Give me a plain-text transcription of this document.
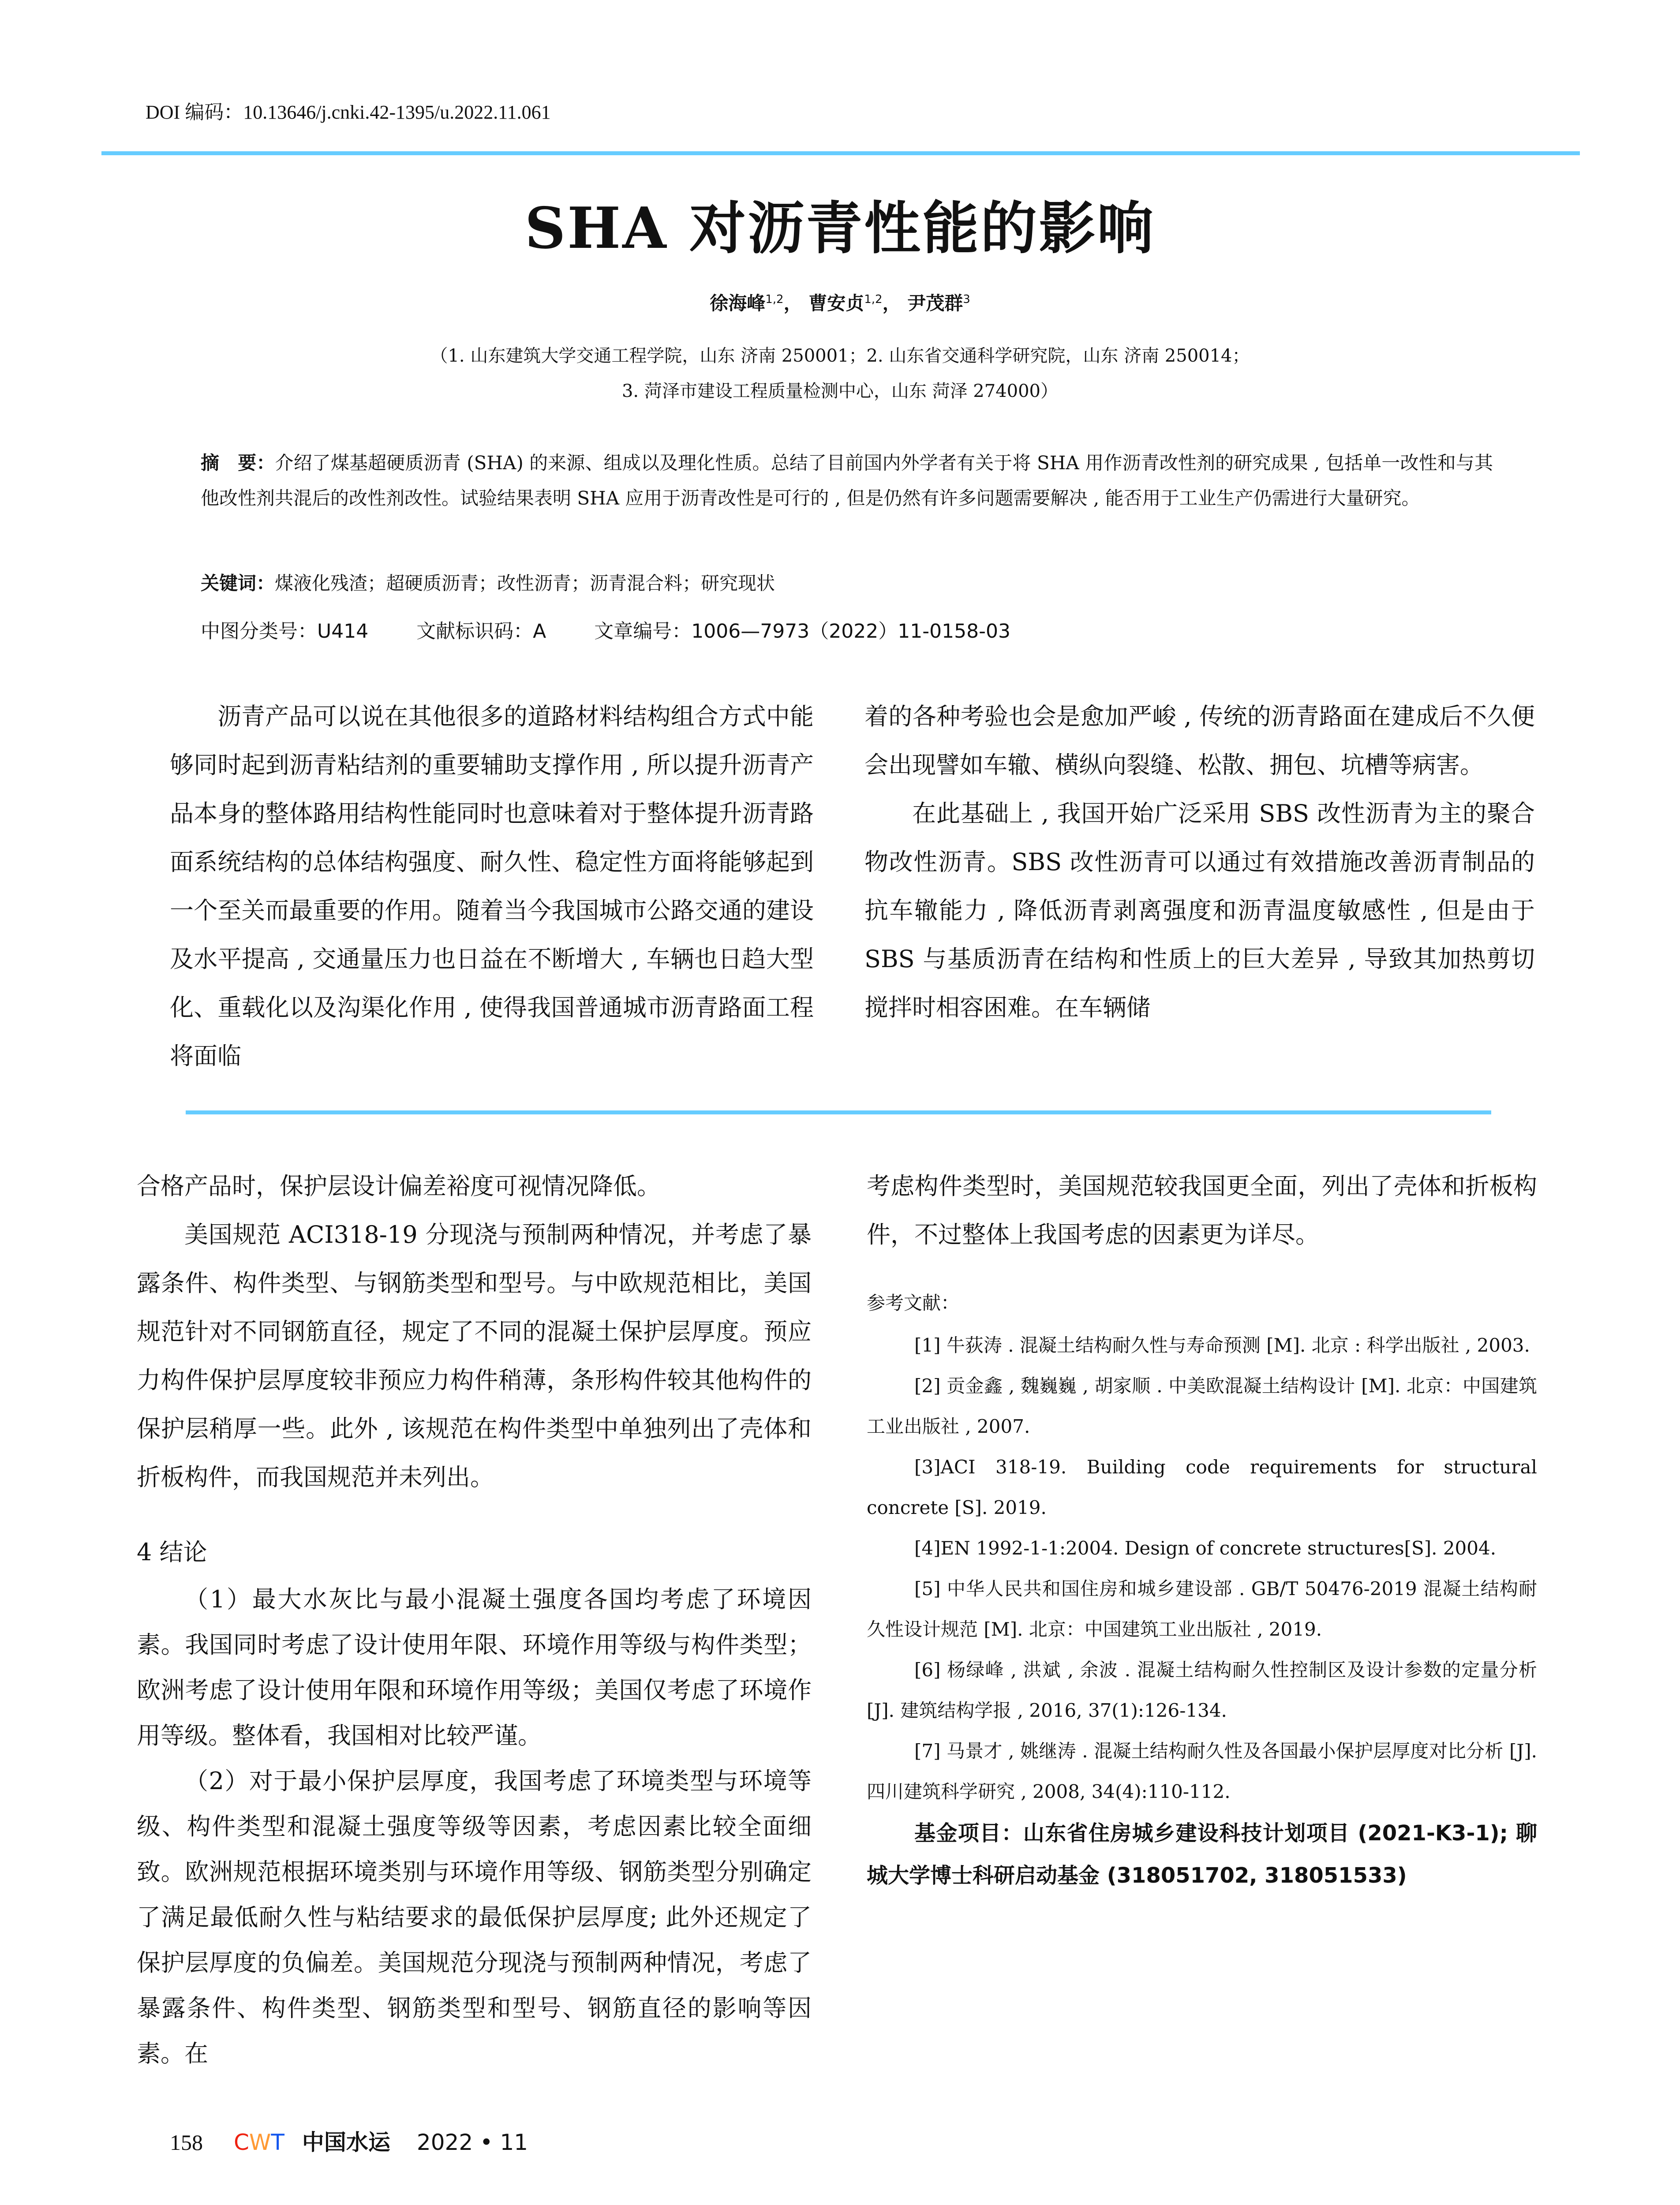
DOI 编码：10.13646/j.cnki.42-1395/u.2022.11.061
SHA 对沥青性能的影响
徐海峰$^{1,2}$， 曹安贞$^{1,2}$， 尹茂群$^3$
（1. 山东建筑大学交通工程学院，山东 济南 250001；2. 山东省交通科学研究院，山东 济南 250014；
3. 菏泽市建设工程质量检测中心，山东 菏泽 274000）
摘　要：介绍了煤基超硬质沥青 (SHA) 的来源、组成以及理化性质。总结了目前国内外学者有关于将 SHA 用作沥青改性剂的研究成果 , 包括单一改性和与其他改性剂共混后的改性剂改性。试验结果表明 SHA 应用于沥青改性是可行的 , 但是仍然有许多问题需要解决 , 能否用于工业生产仍需进行大量研究。
关键词：煤液化残渣；超硬质沥青；改性沥青；沥青混合料；研究现状
中图分类号：U414 文献标识码：A 文章编号：1006—7973（2022）11-0158-03

沥青产品可以说在其他很多的道路材料结构组合方式中能够同时起到沥青粘结剂的重要辅助支撑作用 , 所以提升沥青产品本身的整体路用结构性能同时也意味着对于整体提升沥青路面系统结构的总体结构强度、耐久性、稳定性方面将能够起到一个至关而最重要的作用。随着当今我国城市公路交通的建设及水平提高 , 交通量压力也日益在不断增大 , 车辆也日趋大型化、重载化以及沟渠化作用 , 使得我国普通城市沥青路面工程将面临

着的各种考验也会是愈加严峻 , 传统的沥青路面在建成后不久便会出现譬如车辙、横纵向裂缝、松散、拥包、坑槽等病害。

在此基础上 , 我国开始广泛采用 SBS 改性沥青为主的聚合物改性沥青。SBS 改性沥青可以通过有效措施改善沥青制品的抗车辙能力 , 降低沥青剥离强度和沥青温度敏感性 , 但是由于 SBS 与基质沥青在结构和性质上的巨大差异 , 导致其加热剪切搅拌时相容困难。在车辆储

合格产品时，保护层设计偏差裕度可视情况降低。

美国规范 ACI318-19 分现浇与预制两种情况，并考虑了暴露条件、构件类型、与钢筋类型和型号。与中欧规范相比，美国规范针对不同钢筋直径，规定了不同的混凝土保护层厚度。预应力构件保护层厚度较非预应力构件稍薄，条形构件较其他构件的保护层稍厚一些。此外 , 该规范在构件类型中单独列出了壳体和折板构件，而我国规范并未列出。

4 结论

（1）最大水灰比与最小混凝土强度各国均考虑了环境因素。我国同时考虑了设计使用年限、环境作用等级与构件类型；欧洲考虑了设计使用年限和环境作用等级；美国仅考虑了环境作用等级。整体看，我国相对比较严谨。

（2）对于最小保护层厚度，我国考虑了环境类型与环境等级、构件类型和混凝土强度等级等因素，考虑因素比较全面细致。欧洲规范根据环境类别与环境作用等级、钢筋类型分别确定了满足最低耐久性与粘结要求的最低保护层厚度; 此外还规定了保护层厚度的负偏差。美国规范分现浇与预制两种情况，考虑了暴露条件、构件类型、钢筋类型和型号、钢筋直径的影响等因素。在

考虑构件类型时，美国规范较我国更全面，列出了壳体和折板构件，不过整体上我国考虑的因素更为详尽。

参考文献：

[1] 牛荻涛 . 混凝土结构耐久性与寿命预测 [M]. 北京 : 科学出版社 , 2003.

[2] 贡金鑫 , 魏巍巍 , 胡家顺 . 中美欧混凝土结构设计 [M]. 北京：中国建筑工业出版社 , 2007.

[3]ACI 318-19. Building code requirements for structural concrete [S]. 2019.

[4]EN 1992-1-1:2004. Design of concrete structures[S]. 2004.

[5] 中华人民共和国住房和城乡建设部 . GB/T 50476-2019 混凝土结构耐久性设计规范 [M]. 北京：中国建筑工业出版社 , 2019.

[6] 杨绿峰 , 洪斌 , 余波 . 混凝土结构耐久性控制区及设计参数的定量分析 [J]. 建筑结构学报 , 2016, 37(1):126-134.

[7] 马景才 , 姚继涛 . 混凝土结构耐久性及各国最小保护层厚度对比分析 [J]. 四川建筑科学研究 , 2008, 34(4):110-112.

基金项目：山东省住房城乡建设科技计划项目 (2021-K3-1); 聊城大学博士科研启动基金 (318051702, 318051533)

158 CWT 中国水运 2022 • 11
